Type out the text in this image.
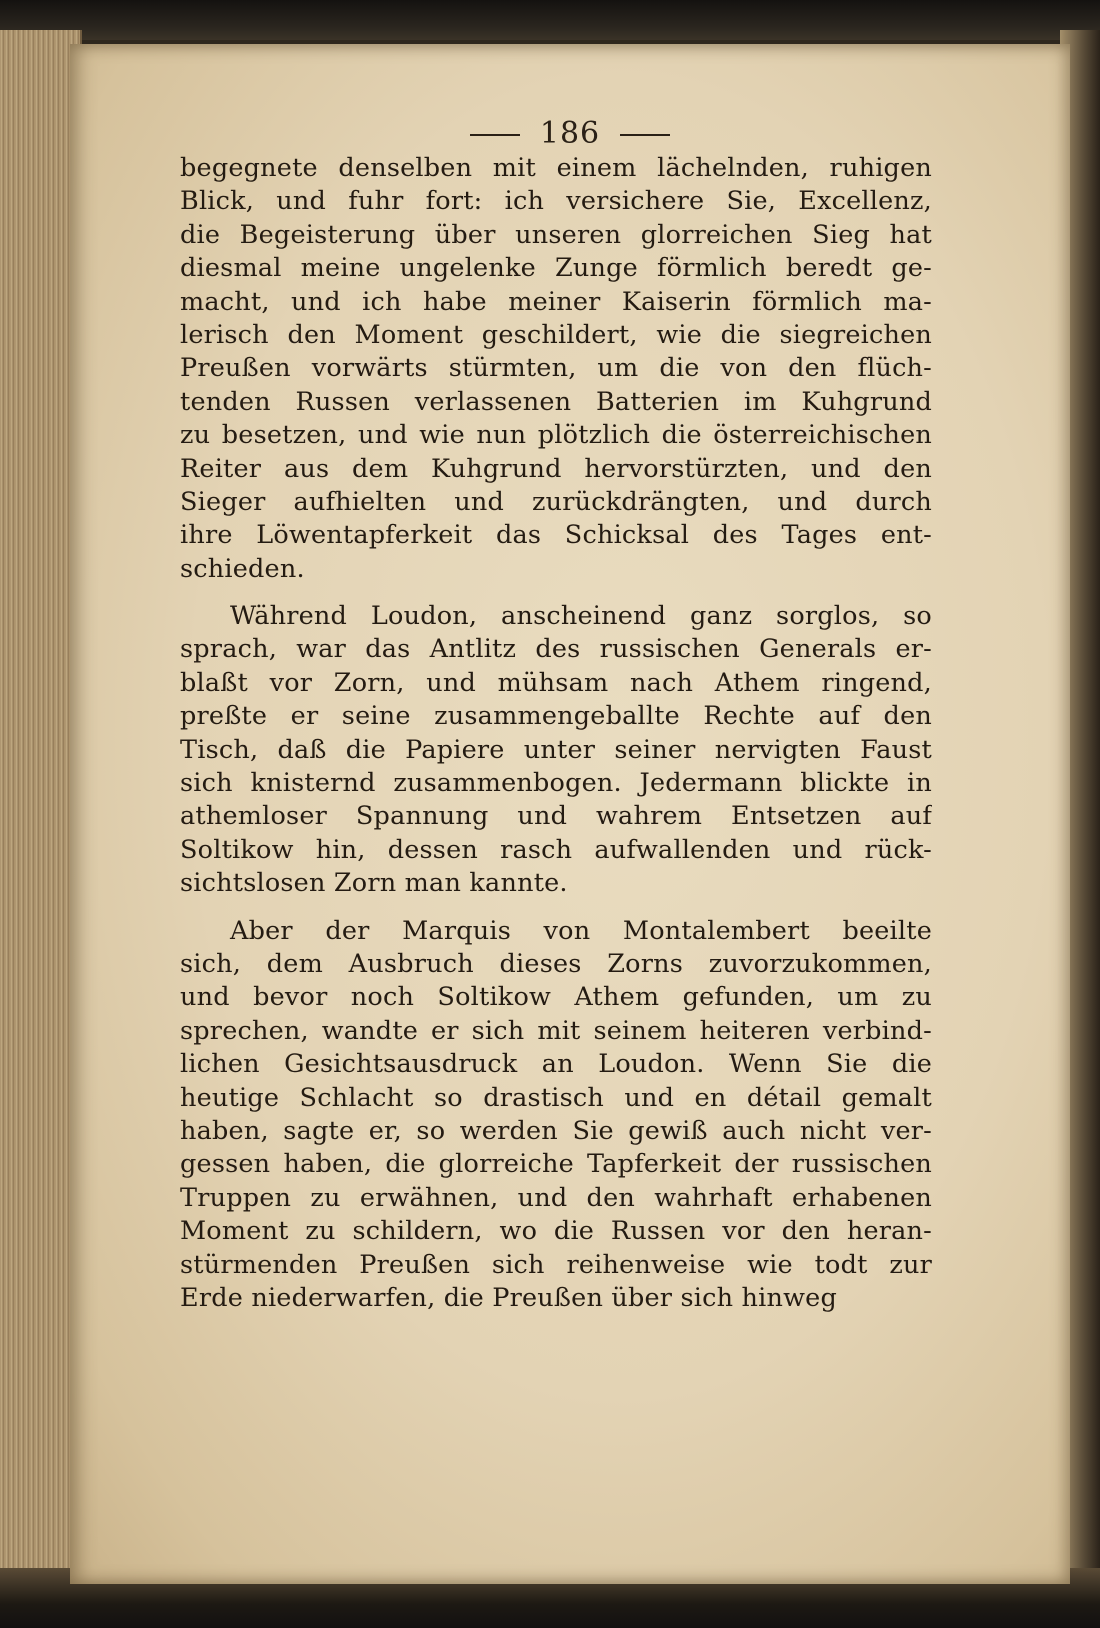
186
begegnete denselben mit einem lächelnden, ruhigen
Blick, und fuhr fort: ich versichere Sie, Excellenz,
die Begeisterung über unseren glorreichen Sieg hat
diesmal meine ungelenke Zunge förmlich beredt ge-
macht, und ich habe meiner Kaiserin förmlich ma-
lerisch den Moment geschildert, wie die siegreichen
Preußen vorwärts stürmten, um die von den flüch-
tenden Russen verlassenen Batterien im Kuhgrund
zu besetzen, und wie nun plötzlich die österreichischen
Reiter aus dem Kuhgrund hervorstürzten, und den
Sieger aufhielten und zurückdrängten, und durch
ihre Löwentapferkeit das Schicksal des Tages ent-
schieden.
Während Loudon, anscheinend ganz sorglos, so
sprach, war das Antlitz des russischen Generals er-
blaßt vor Zorn, und mühsam nach Athem ringend,
preßte er seine zusammengeballte Rechte auf den
Tisch, daß die Papiere unter seiner nervigten Faust
sich knisternd zusammenbogen. Jedermann blickte in
athemloser Spannung und wahrem Entsetzen auf
Soltikow hin, dessen rasch aufwallenden und rück-
sichtslosen Zorn man kannte.
Aber der Marquis von Montalembert beeilte
sich, dem Ausbruch dieses Zorns zuvorzukommen,
und bevor noch Soltikow Athem gefunden, um zu
sprechen, wandte er sich mit seinem heiteren verbind-
lichen Gesichtsausdruck an Loudon. Wenn Sie die
heutige Schlacht so drastisch und en détail gemalt
haben, sagte er, so werden Sie gewiß auch nicht ver-
gessen haben, die glorreiche Tapferkeit der russischen
Truppen zu erwähnen, und den wahrhaft erhabenen
Moment zu schildern, wo die Russen vor den heran-
stürmenden Preußen sich reihenweise wie todt zur
Erde niederwarfen, die Preußen über sich hinweg
